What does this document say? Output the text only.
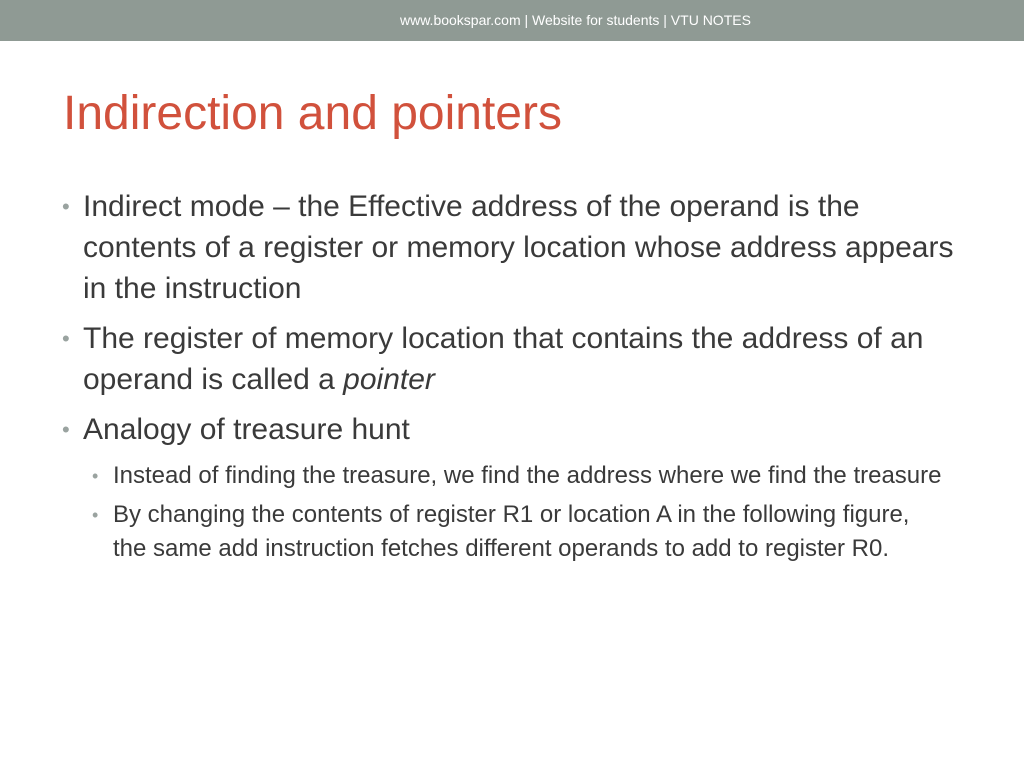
www.bookspar.com | Website for students | VTU NOTES
Indirection and pointers
• Indirect mode – the Effective address of the operand is the contents of a register or memory location whose address appears in the instruction
• The register of memory location that contains the address of an operand is called a pointer
• Analogy of treasure hunt
• Instead of finding the treasure, we find the address where we find the treasure
• By changing the contents of register R1 or location A in the following figure, the same add instruction fetches different operands to add to register R0.
